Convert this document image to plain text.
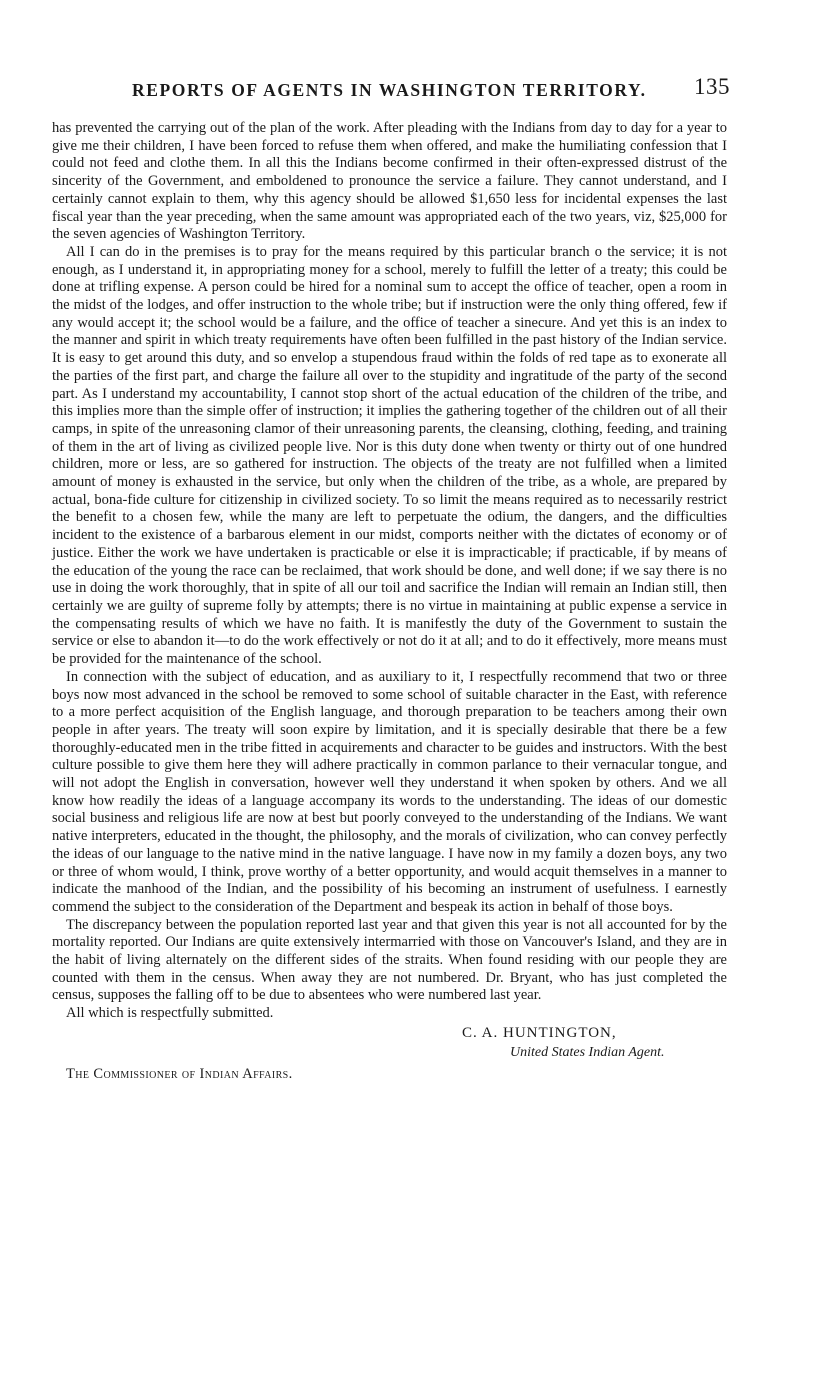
REPORTS OF AGENTS IN WASHINGTON TERRITORY. 135

has prevented the carrying out of the plan of the work. After pleading with the Indians from day to day for a year to give me their children, I have been forced to refuse them when offered, and make the humiliating confession that I could not feed and clothe them. In all this the Indians become confirmed in their often-expressed distrust of the sincerity of the Government, and emboldened to pronounce the service a failure. They cannot understand, and I certainly cannot explain to them, why this agency should be allowed $1,650 less for incidental expenses the last fiscal year than the year preceding, when the same amount was appropriated each of the two years, viz, $25,000 for the seven agencies of Washington Territory.

All I can do in the premises is to pray for the means required by this particular branch o the service; it is not enough, as I understand it, in appropriating money for a school, merely to fulfill the letter of a treaty; this could be done at trifling expense. A person could be hired for a nominal sum to accept the office of teacher, open a room in the midst of the lodges, and offer instruction to the whole tribe; but if instruction were the only thing offered, few if any would accept it; the school would be a failure, and the office of teacher a sinecure. And yet this is an index to the manner and spirit in which treaty requirements have often been fulfilled in the past history of the Indian service. It is easy to get around this duty, and so envelop a stupendous fraud within the folds of red tape as to exonerate all the parties of the first part, and charge the failure all over to the stupidity and ingratitude of the party of the second part. As I understand my accountability, I cannot stop short of the actual education of the children of the tribe, and this implies more than the simple offer of instruction; it implies the gathering together of the children out of all their camps, in spite of the unreasoning clamor of their unreasoning parents, the cleansing, clothing, feeding, and training of them in the art of living as civilized people live. Nor is this duty done when twenty or thirty out of one hundred children, more or less, are so gathered for instruction. The objects of the treaty are not fulfilled when a limited amount of money is exhausted in the service, but only when the children of the tribe, as a whole, are prepared by actual, bona-fide culture for citizenship in civilized society. To so limit the means required as to necessarily restrict the benefit to a chosen few, while the many are left to perpetuate the odium, the dangers, and the difficulties incident to the existence of a barbarous element in our midst, comports neither with the dictates of economy or of justice. Either the work we have undertaken is practicable or else it is impracticable; if practicable, if by means of the education of the young the race can be reclaimed, that work should be done, and well done; if we say there is no use in doing the work thoroughly, that in spite of all our toil and sacrifice the Indian will remain an Indian still, then certainly we are guilty of supreme folly by attempts; there is no virtue in maintaining at public expense a service in the compensating results of which we have no faith. It is manifestly the duty of the Government to sustain the service or else to abandon it—to do the work effectively or not do it at all; and to do it effectively, more means must be provided for the maintenance of the school.

In connection with the subject of education, and as auxiliary to it, I respectfully recommend that two or three boys now most advanced in the school be removed to some school of suitable character in the East, with reference to a more perfect acquisition of the English language, and thorough preparation to be teachers among their own people in after years. The treaty will soon expire by limitation, and it is specially desirable that there be a few thoroughly-educated men in the tribe fitted in acquirements and character to be guides and instructors. With the best culture possible to give them here they will adhere practically in common parlance to their vernacular tongue, and will not adopt the English in conversation, however well they understand it when spoken by others. And we all know how readily the ideas of a language accompany its words to the understanding. The ideas of our domestic social business and religious life are now at best but poorly conveyed to the understanding of the Indians. We want native interpreters, educated in the thought, the philosophy, and the morals of civilization, who can convey perfectly the ideas of our language to the native mind in the native language. I have now in my family a dozen boys, any two or three of whom would, I think, prove worthy of a better opportunity, and would acquit themselves in a manner to indicate the manhood of the Indian, and the possibility of his becoming an instrument of usefulness. I earnestly commend the subject to the consideration of the Department and bespeak its action in behalf of those boys.

The discrepancy between the population reported last year and that given this year is not all accounted for by the mortality reported. Our Indians are quite extensively intermarried with those on Vancouver's Island, and they are in the habit of living alternately on the different sides of the straits. When found residing with our people they are counted with them in the census. When away they are not numbered. Dr. Bryant, who has just completed the census, supposes the falling off to be due to absentees who were numbered last year.

All which is respectfully submitted.

C. A. HUNTINGTON,
United States Indian Agent.
The Commissioner of Indian Affairs.
